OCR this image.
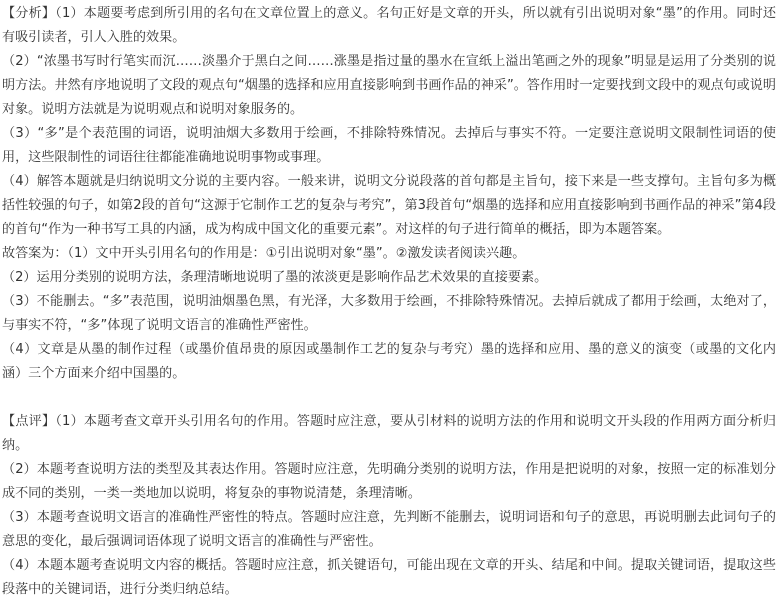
【分析】（1）本题要考虑到所引用的名句在文章位置上的意义。名句正好是文章的开头，所以就有引出说明对象“墨”的作用。同时还有吸引读者，引人入胜的效果。

（2）“浓墨书写时行笔实而沉……淡墨介于黑白之间……涨墨是指过量的墨水在宣纸上溢出笔画之外的现象”明显是运用了分类别的说明方法。井然有序地说明了文段的观点句“烟墨的选择和应用直接影响到书画作品的神采”。答作用时一定要找到文段中的观点句或说明对象。说明方法就是为说明观点和说明对象服务的。

（3）“多”是个表范围的词语，说明油烟大多数用于绘画，不排除特殊情况。去掉后与事实不符。一定要注意说明文限制性词语的使用，这些限制性的词语往往都能准确地说明事物或事理。

（4）解答本题就是归纳说明文分说的主要内容。一般来讲，说明文分说段落的首句都是主旨句，接下来是一些支撑句。主旨句多为概括性较强的句子，如第2段的首句“这源于它制作工艺的复杂与考究”，第3段首句“烟墨的选择和应用直接影响到书画作品的神采”第4段的首句“作为一种书写工具的内涵，成为构成中国文化的重要元素”。对这样的句子进行简单的概括，即为本题答案。

故答案为：（1）文中开头引用名句的作用是：①引出说明对象“墨”。②激发读者阅读兴趣。

（2）运用分类别的说明方法，条理清晰地说明了墨的浓淡更是影响作品艺术效果的直接要素。

（3）不能删去。“多”表范围，说明油烟墨色黑，有光泽，大多数用于绘画，不排除特殊情况。去掉后就成了都用于绘画，太绝对了，与事实不符，“多”体现了说明文语言的准确性严密性。

（4）文章是从墨的制作过程（或墨价值昂贵的原因或墨制作工艺的复杂与考究）墨的选择和应用、墨的意义的演变（或墨的文化内涵）三个方面来介绍中国墨的。

【点评】（1）本题考查文章开头引用名句的作用。答题时应注意，要从引材料的说明方法的作用和说明文开头段的作用两方面分析归纳。

（2）本题考查说明方法的类型及其表达作用。答题时应注意，先明确分类别的说明方法，作用是把说明的对象，按照一定的标准划分成不同的类别，一类一类地加以说明，将复杂的事物说清楚，条理清晰。

（3）本题考查说明文语言的准确性严密性的特点。答题时应注意，先判断不能删去，说明词语和句子的意思，再说明删去此词句子的意思的变化，最后强调词语体现了说明文语言的准确性与严密性。

（4）本题本题考查说明文内容的概括。答题时应注意，抓关键语句，可能出现在文章的开头、结尾和中间。提取关键词语，提取这些段落中的关键词语，进行分类归纳总结。
